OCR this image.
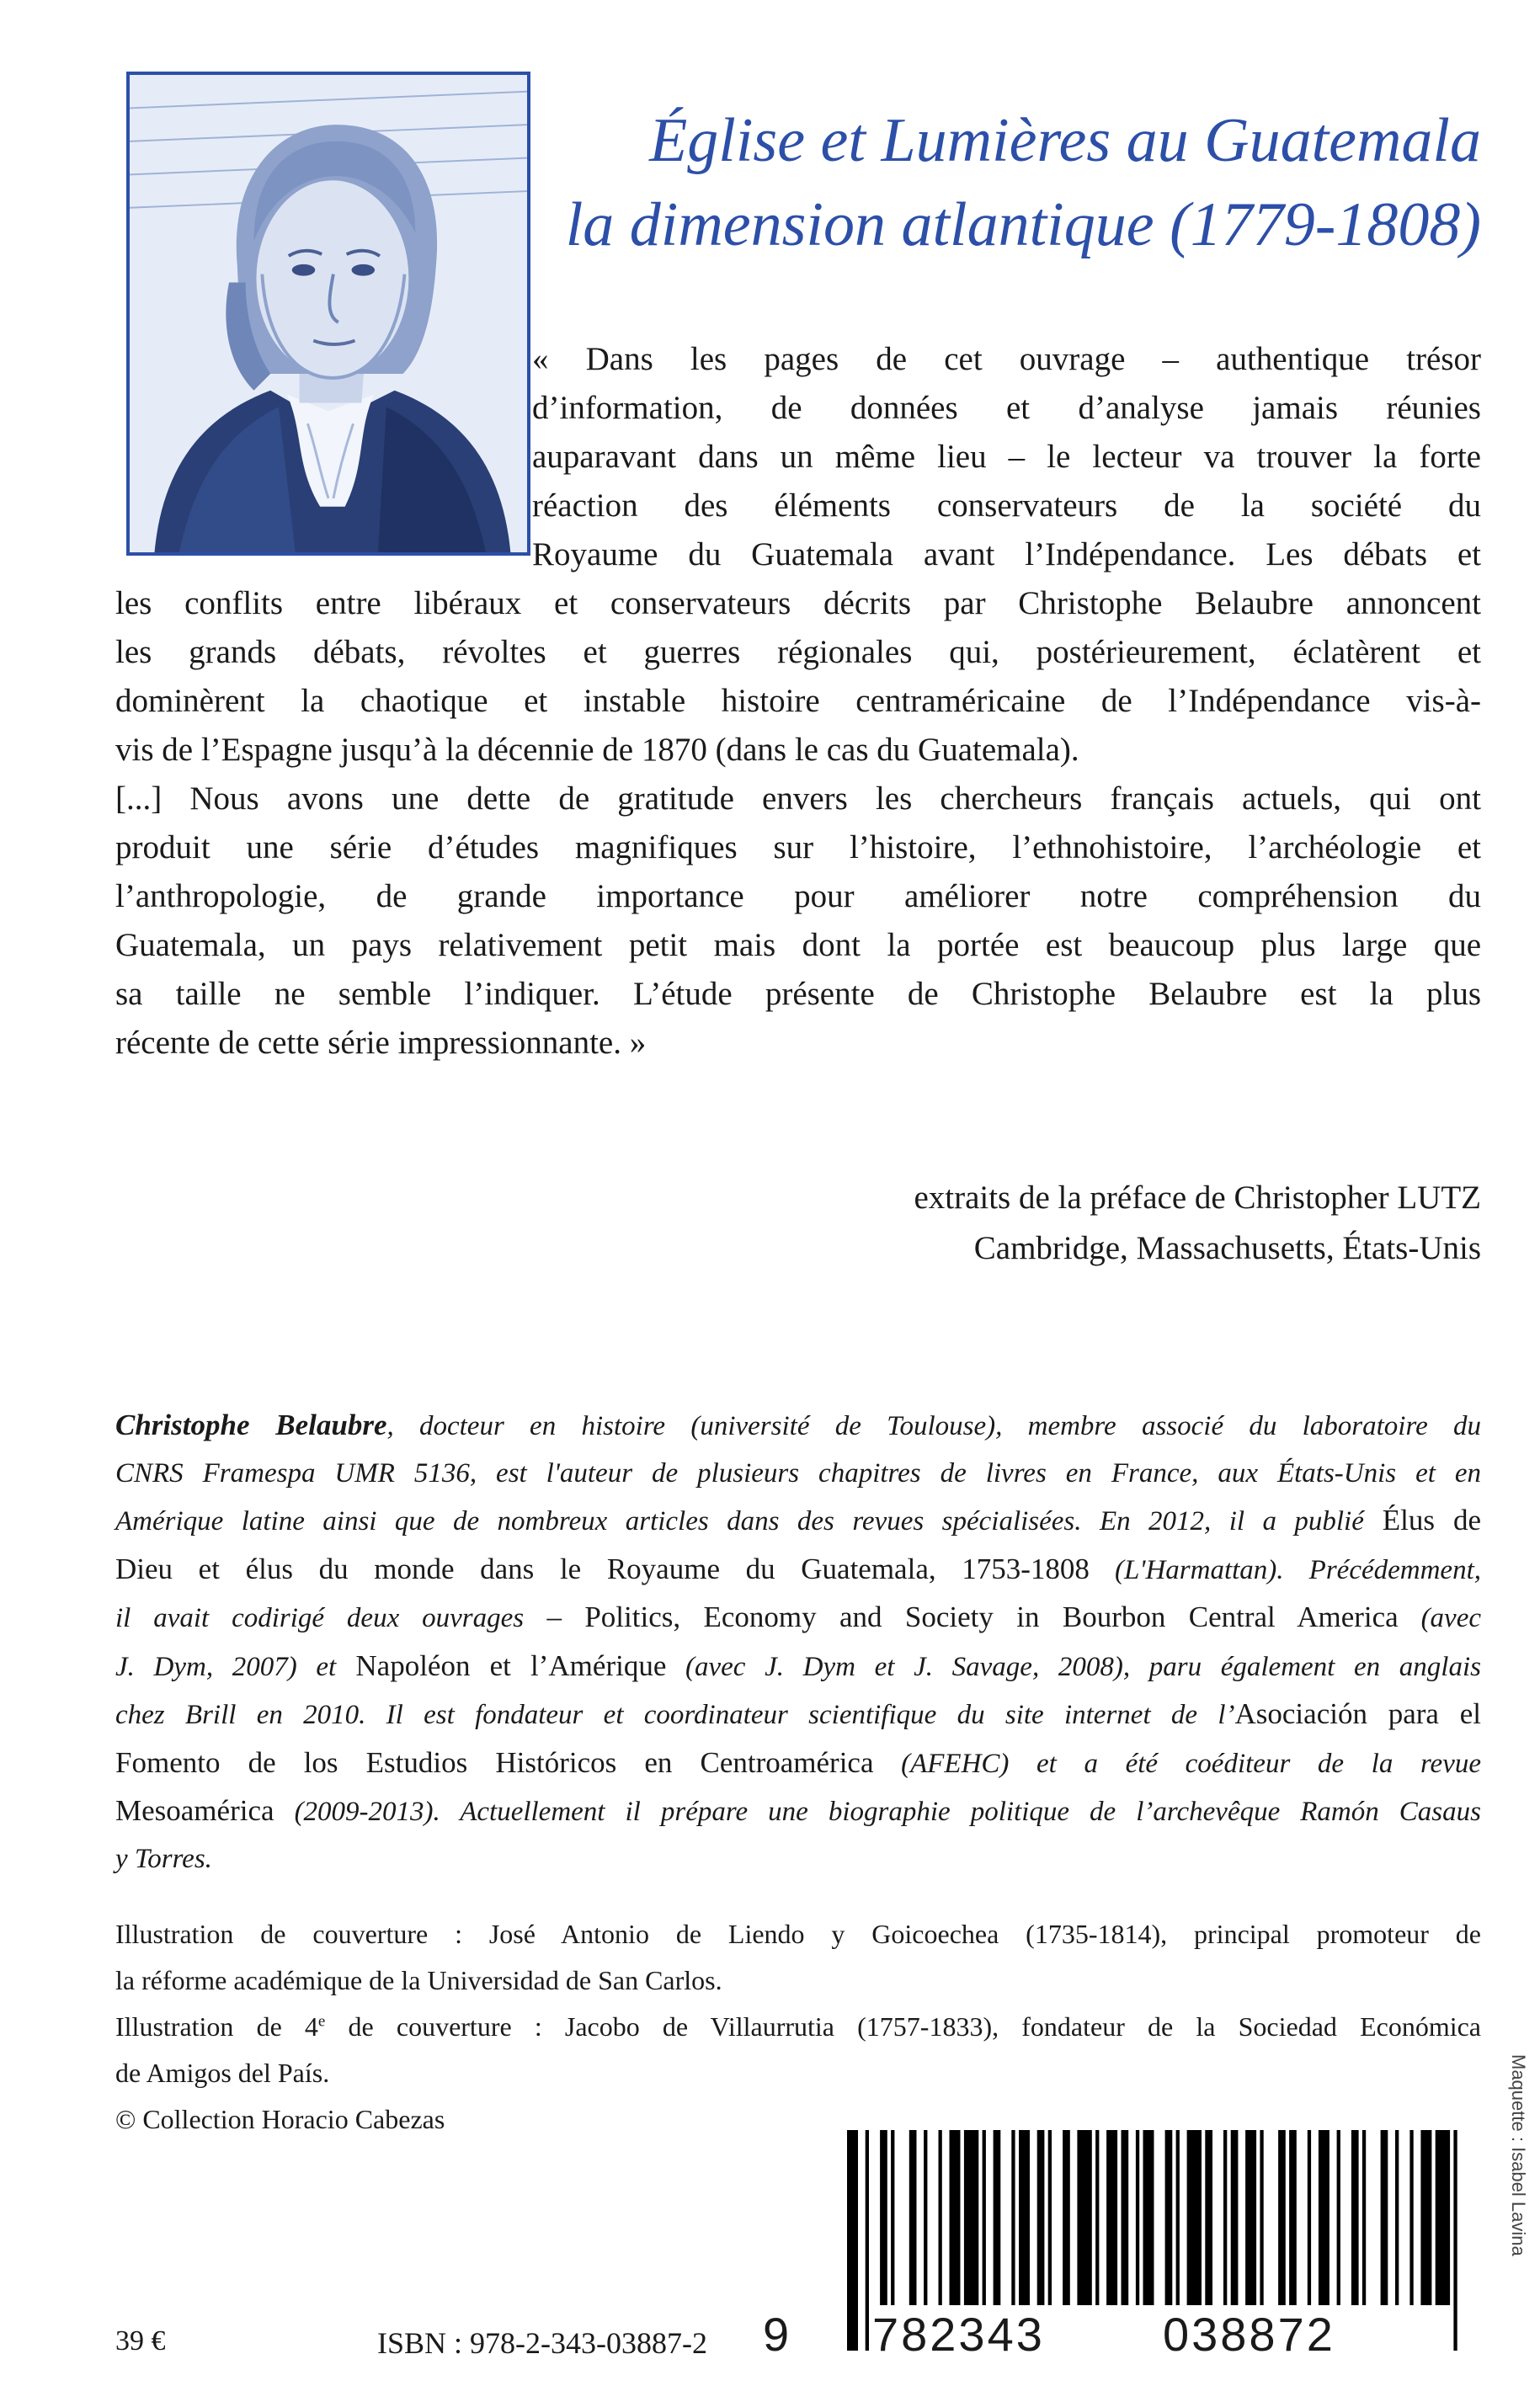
Église et Lumières au Guatemala
la dimension atlantique (1779-1808)
« Dans les pages de cet ouvrage – authentique trésor
d’information, de données et d’analyse jamais réunies
auparavant dans un même lieu – le lecteur va trouver la forte
réaction des éléments conservateurs de la société du
Royaume du Guatemala avant l’Indépendance. Les débats et
les conflits entre libéraux et conservateurs décrits par Christophe Belaubre annoncent
les grands débats, révoltes et guerres régionales qui, postérieurement, éclatèrent et
dominèrent la chaotique et instable histoire centraméricaine de l’Indépendance vis-à-
vis de l’Espagne jusqu’à la décennie de 1870 (dans le cas du Guatemala).
[...] Nous avons une dette de gratitude envers les chercheurs français actuels, qui ont
produit une série d’études magnifiques sur l’histoire, l’ethnohistoire, l’archéologie et
l’anthropologie, de grande importance pour améliorer notre compréhension du
Guatemala, un pays relativement petit mais dont la portée est beaucoup plus large que
sa taille ne semble l’indiquer. L’étude présente de Christophe Belaubre est la plus
récente de cette série impressionnante. »
extraits de la préface de Christopher LUTZ
Cambridge, Massachusetts, États-Unis
Christophe Belaubre, docteur en histoire (université de Toulouse), membre associé du laboratoire du
CNRS Framespa UMR 5136, est l'auteur de plusieurs chapitres de livres en France, aux États-Unis et en
Amérique latine ainsi que de nombreux articles dans des revues spécialisées. En 2012, il a publié Élus de
Dieu et élus du monde dans le Royaume du Guatemala, 1753-1808 (L'Harmattan). Précédemment,
il avait codirigé deux ouvrages – Politics, Economy and Society in Bourbon Central America (avec
J. Dym, 2007) et Napoléon et l’Amérique (avec J. Dym et J. Savage, 2008), paru également en anglais
chez Brill en 2010. Il est fondateur et coordinateur scientifique du site internet de l’Asociación para el
Fomento de los Estudios Históricos en Centroamérica (AFEHC) et a été coéditeur de la revue
Mesoamérica (2009-2013). Actuellement il prépare une biographie politique de l’archevêque Ramón Casaus
y Torres.
Illustration de couverture : José Antonio de Liendo y Goicoechea (1735-1814), principal promoteur de
la réforme académique de la Universidad de San Carlos.
Illustration de 4e de couverture : Jacobo de Villaurrutia (1757-1833), fondateur de la Sociedad Económica
de Amigos del País.
© Collection Horacio Cabezas
39 €	ISBN : 978-2-343-03887-2 9 782343	038872
Maquette : Isabel Lavina
